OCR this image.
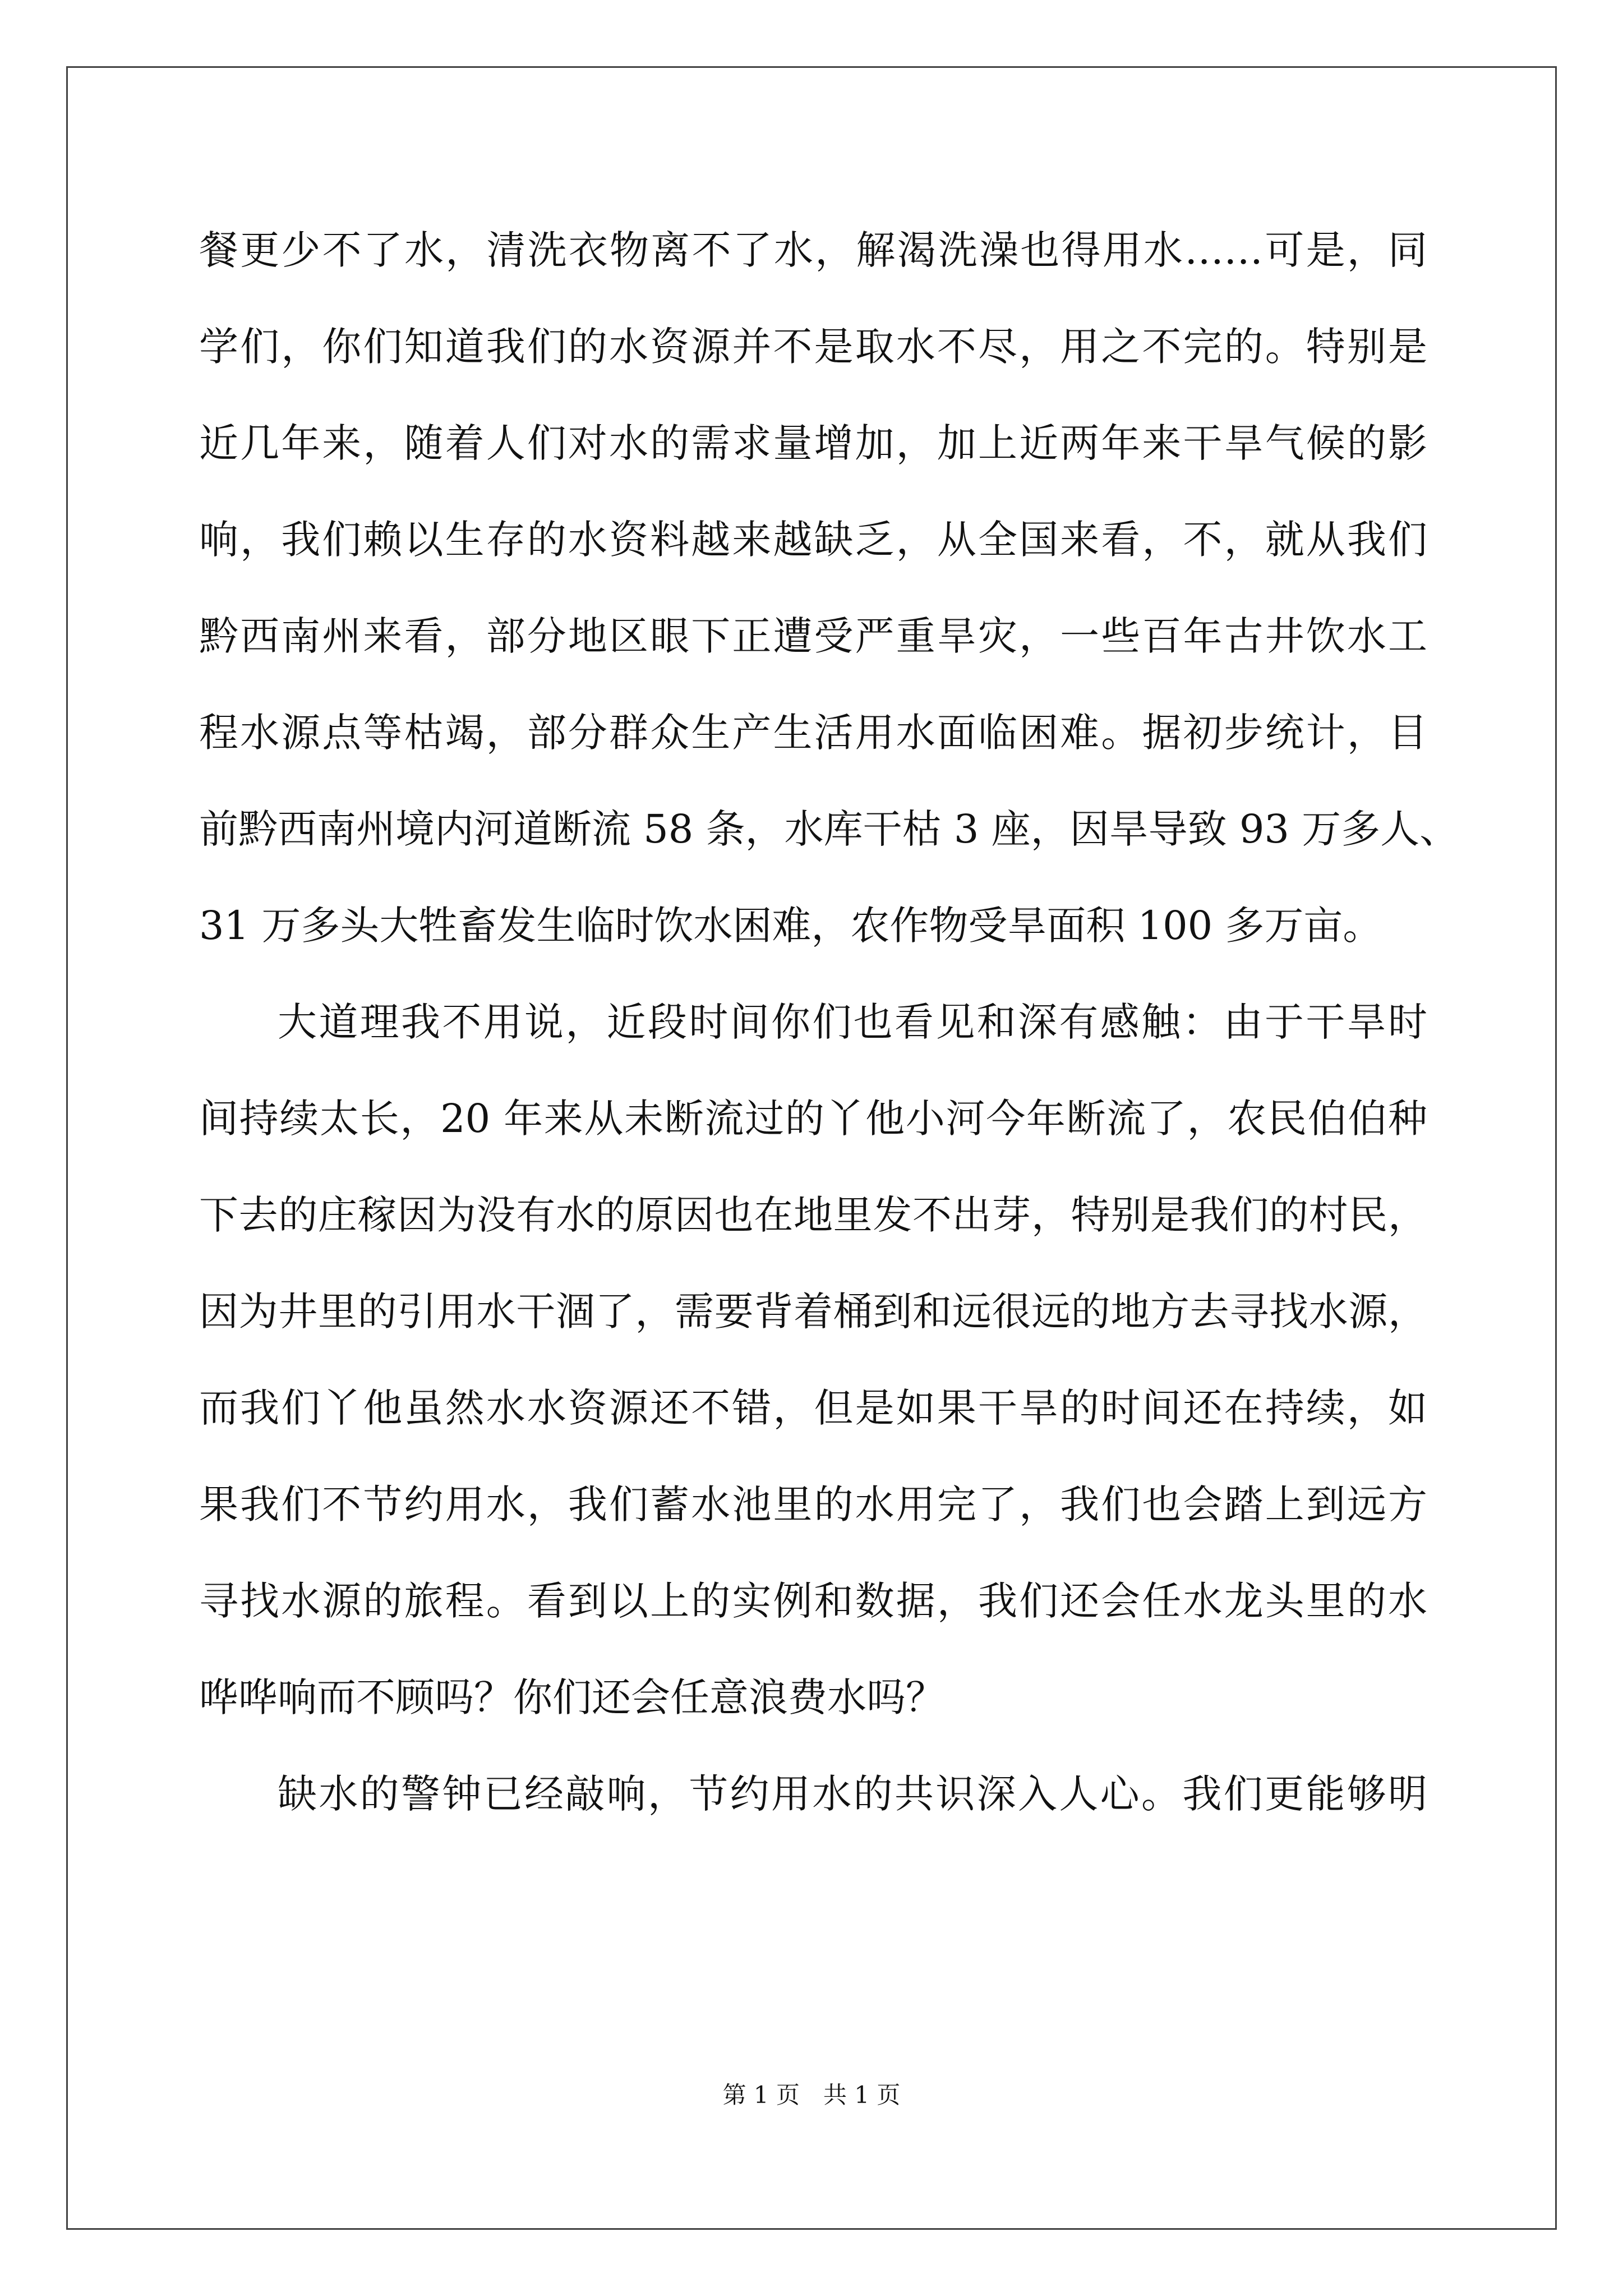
餐更少不了水，清洗衣物离不了水，解渴洗澡也得用水……可是，同
学们，你们知道我们的水资源并不是取水不尽，用之不完的。特别是
近几年来，随着人们对水的需求量增加，加上近两年来干旱气候的影
响，我们赖以生存的水资料越来越缺乏，从全国来看，不，就从我们
黔西南州来看，部分地区眼下正遭受严重旱灾，一些百年古井饮水工
程水源点等枯竭，部分群众生产生活用水面临困难。据初步统计，目
前黔西南州境内河道断流 58 条，水库干枯 3 座，因旱导致 93 万多人、
31 万多头大牲畜发生临时饮水困难，农作物受旱面积 100 多万亩。
大道理我不用说，近段时间你们也看见和深有感触：由于干旱时
间持续太长，20 年来从未断流过的丫他小河今年断流了，农民伯伯种
下去的庄稼因为没有水的原因也在地里发不出芽，特别是我们的村民，
因为井里的引用水干涸了，需要背着桶到和远很远的地方去寻找水源，
而我们丫他虽然水水资源还不错，但是如果干旱的时间还在持续，如
果我们不节约用水，我们蓄水池里的水用完了，我们也会踏上到远方
寻找水源的旅程。看到以上的实例和数据，我们还会任水龙头里的水
哗哗响而不顾吗？你们还会任意浪费水吗？
缺水的警钟已经敲响，节约用水的共识深入人心。我们更能够明
第 1 页　共 1 页
